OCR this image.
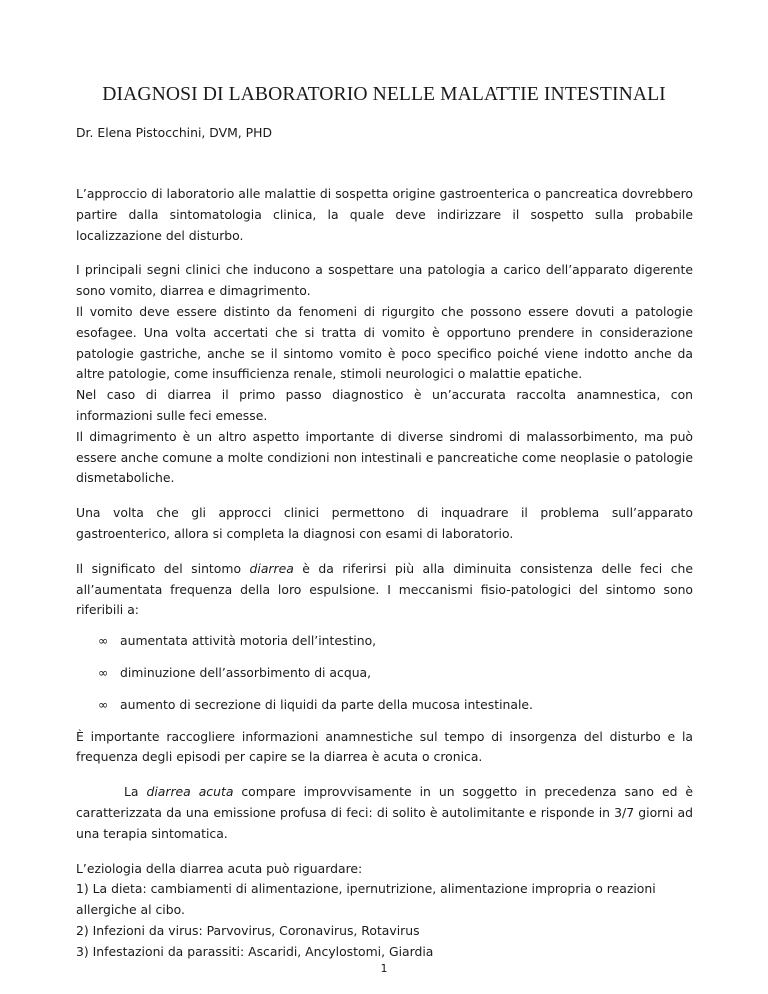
DIAGNOSI DI LABORATORIO NELLE MALATTIE INTESTINALI

Dr. Elena Pistocchini, DVM, PHD

L’approccio di laboratorio alle malattie di sospetta origine gastroenterica o pancreatica dovrebbero partire dalla sintomatologia clinica, la quale deve indirizzare il sospetto sulla probabile localizzazione del disturbo.

I principali segni clinici che inducono a sospettare una patologia a carico dell’apparato digerente sono vomito, diarrea e dimagrimento.
Il vomito deve essere distinto da fenomeni di rigurgito che possono essere dovuti a patologie esofagee. Una volta accertati che si tratta di vomito è opportuno prendere in considerazione patologie gastriche, anche se il sintomo vomito è poco specifico poiché viene indotto anche da altre patologie, come insufficienza renale, stimoli neurologici o malattie epatiche.
Nel caso di diarrea il primo passo diagnostico è un’accurata raccolta anamnestica, con informazioni sulle feci emesse.
Il dimagrimento è un altro aspetto importante di diverse sindromi di malassorbimento, ma può essere anche comune a molte condizioni non intestinali e pancreatiche come neoplasie o patologie dismetaboliche.

Una volta che gli approcci clinici permettono di inquadrare il problema sull’apparato gastroenterico, allora si completa la diagnosi con esami di laboratorio.

Il significato del sintomo diarrea è da riferirsi più alla diminuita consistenza delle feci che all’aumentata frequenza della loro espulsione. I meccanismi fisio-patologici del sintomo sono riferibili a:

∞ aumentata attività motoria dell’intestino,
∞ diminuzione dell’assorbimento di acqua,
∞ aumento di secrezione di liquidi da parte della mucosa intestinale.

È importante raccogliere informazioni anamnestiche sul tempo di insorgenza del disturbo e la frequenza degli episodi per capire se la diarrea è acuta o cronica.

La diarrea acuta compare improvvisamente in un soggetto in precedenza sano ed è caratterizzata da una emissione profusa di feci: di solito è autolimitante e risponde in 3/7 giorni ad una terapia sintomatica.

L’eziologia della diarrea acuta può riguardare:
1) La dieta: cambiamenti di alimentazione, ipernutrizione, alimentazione impropria o reazioni allergiche al cibo.
2) Infezioni da virus: Parvovirus, Coronavirus, Rotavirus
3) Infestazioni da parassiti: Ascaridi, Ancylostomi, Giardia

1
